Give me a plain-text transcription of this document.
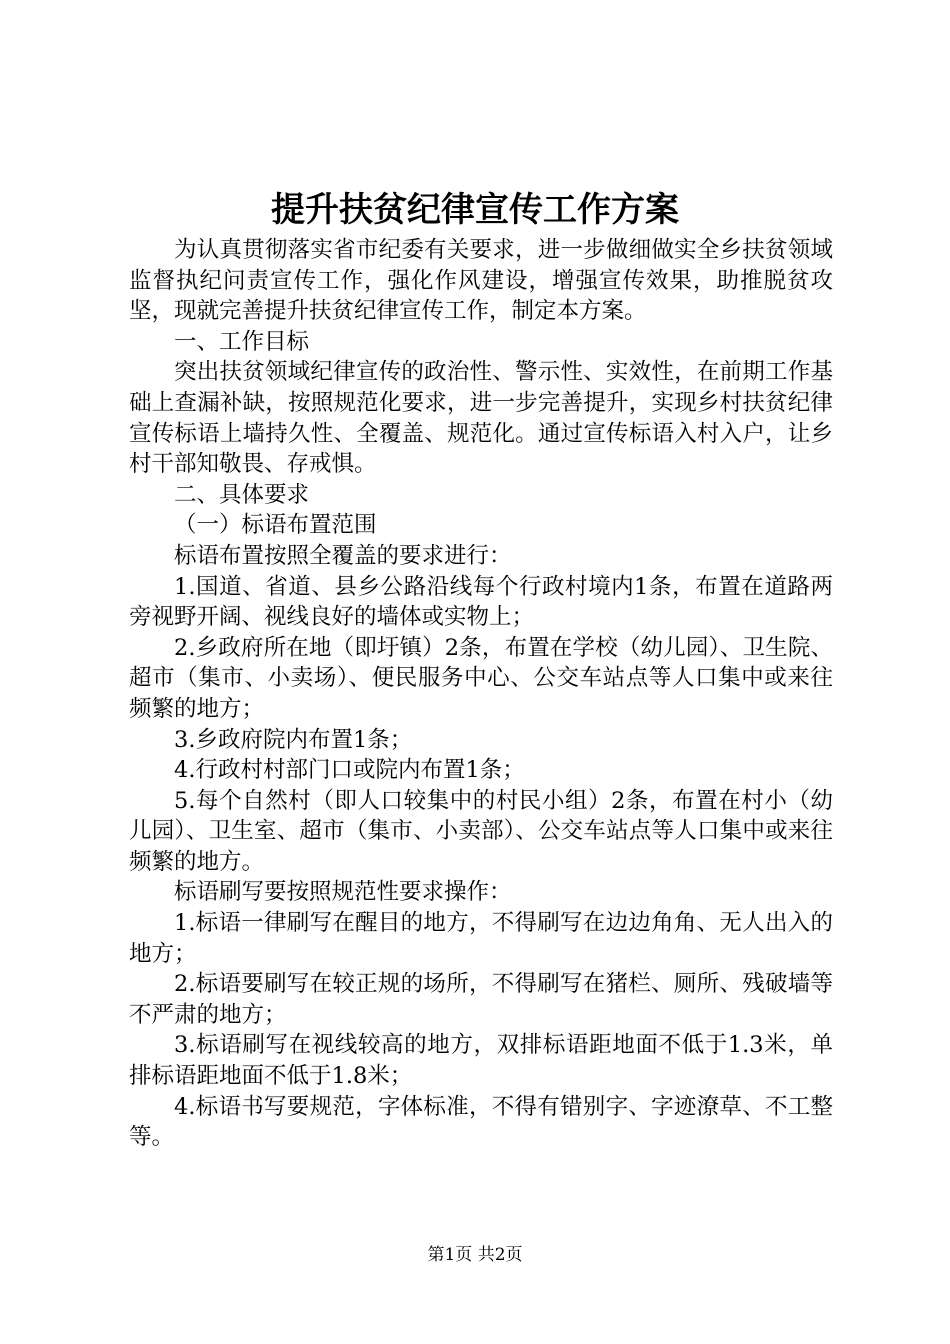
提升扶贫纪律宣传工作方案

为认真贯彻落实省市纪委有关要求，进一步做细做实全乡扶贫领域监督执纪问责宣传工作，强化作风建设，增强宣传效果，助推脱贫攻坚，现就完善提升扶贫纪律宣传工作，制定本方案。

一、工作目标

突出扶贫领域纪律宣传的政治性、警示性、实效性，在前期工作基础上查漏补缺，按照规范化要求，进一步完善提升，实现乡村扶贫纪律宣传标语上墙持久性、全覆盖、规范化。通过宣传标语入村入户，让乡村干部知敬畏、存戒惧。

二、具体要求

（一）标语布置范围

标语布置按照全覆盖的要求进行：

1.国道、省道、县乡公路沿线每个行政村境内1条，布置在道路两旁视野开阔、视线良好的墙体或实物上；

2.乡政府所在地（即圩镇）2条，布置在学校（幼儿园）、卫生院、超市（集市、小卖场）、便民服务中心、公交车站点等人口集中或来往频繁的地方；

3.乡政府院内布置1条；

4.行政村村部门口或院内布置1条；

5.每个自然村（即人口较集中的村民小组）2条，布置在村小（幼儿园）、卫生室、超市（集市、小卖部）、公交车站点等人口集中或来往频繁的地方。

标语刷写要按照规范性要求操作：

1.标语一律刷写在醒目的地方，不得刷写在边边角角、无人出入的地方；

2.标语要刷写在较正规的场所，不得刷写在猪栏、厕所、残破墙等不严肃的地方；

3.标语刷写在视线较高的地方，双排标语距地面不低于1.3米，单排标语距地面不低于1.8米；

4.标语书写要规范，字体标准，不得有错别字、字迹潦草、不工整等。

第1页 共2页
